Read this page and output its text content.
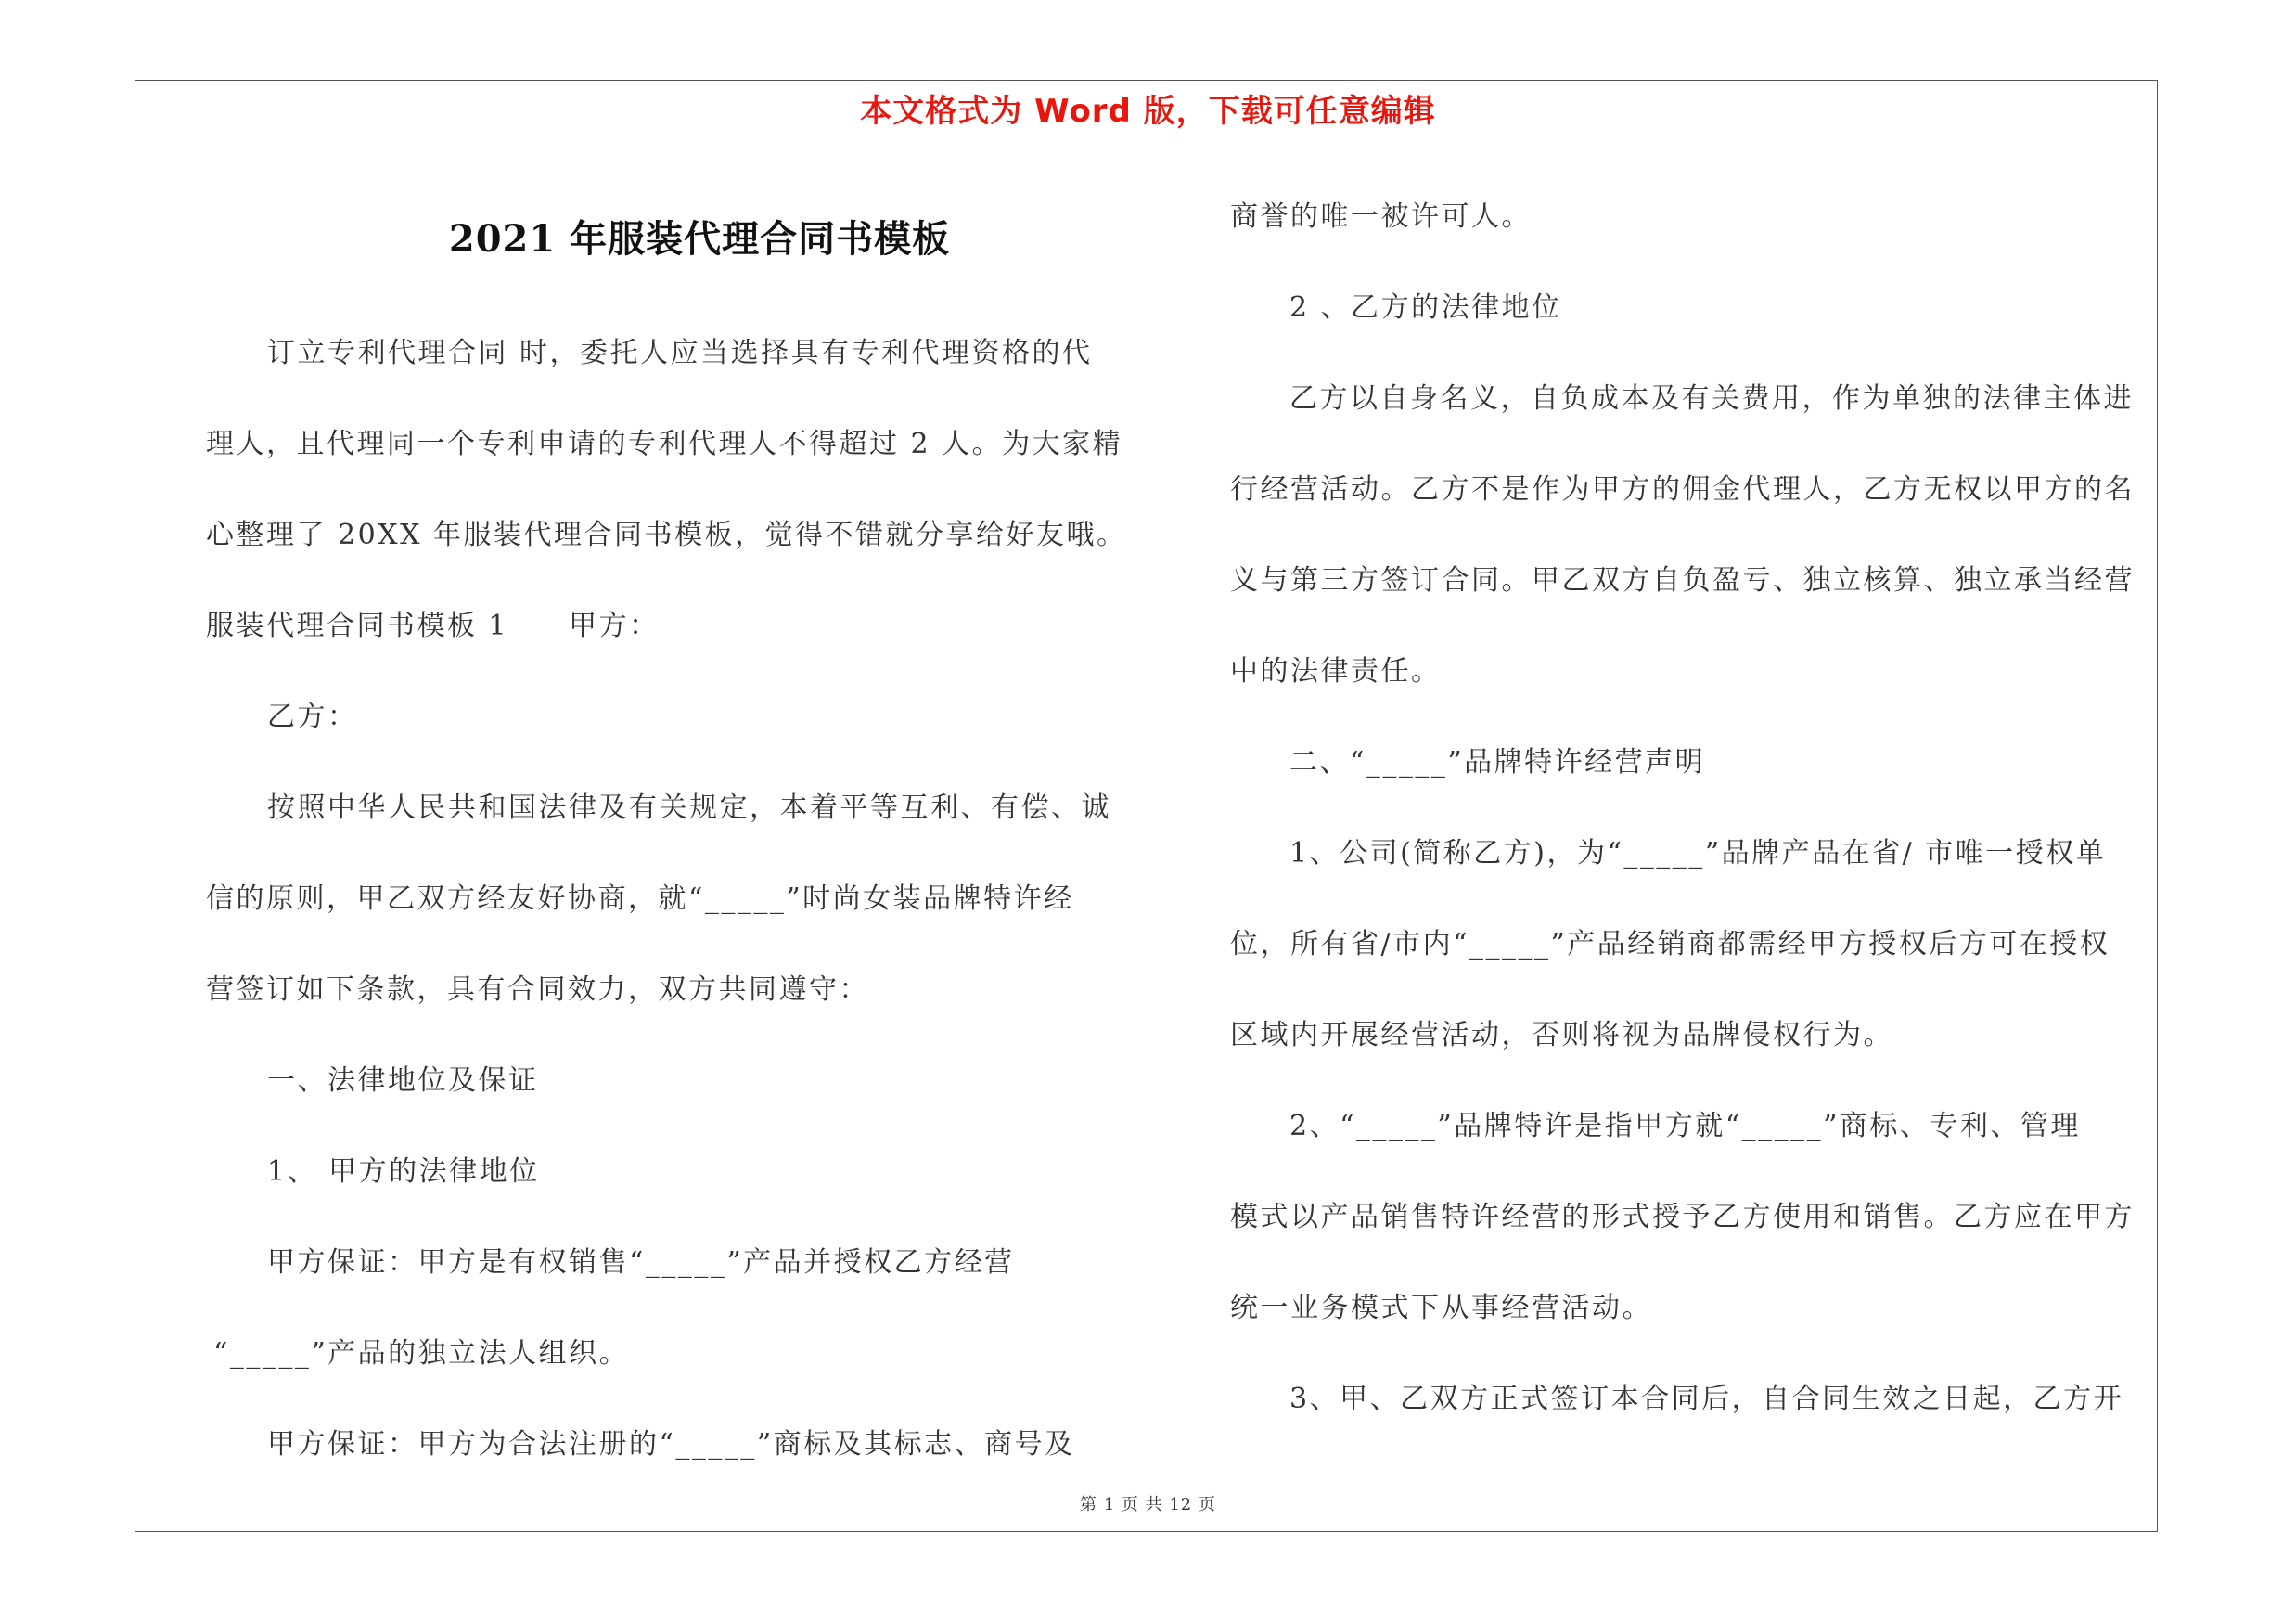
本文格式为 Word 版，下载可任意编辑
2021 年服装代理合同书模板
订立专利代理合同 时，委托人应当选择具有专利代理资格的代
理人，且代理同一个专利申请的专利代理人不得超过 2 人。为大家精
心整理了 20XX 年服装代理合同书模板，觉得不错就分享给好友哦。
服装代理合同书模板 1　　甲方：
乙方：
按照中华人民共和国法律及有关规定，本着平等互利、有偿、诚
信的原则，甲乙双方经友好协商，就“_____”时尚女装品牌特许经
营签订如下条款，具有合同效力，双方共同遵守：
一、法律地位及保证
1、 甲方的法律地位
甲方保证：甲方是有权销售“_____”产品并授权乙方经营
“_____”产品的独立法人组织。
甲方保证：甲方为合法注册的“_____”商标及其标志、商号及
商誉的唯一被许可人。
2 、乙方的法律地位
乙方以自身名义，自负成本及有关费用，作为单独的法律主体进
行经营活动。乙方不是作为甲方的佣金代理人，乙方无权以甲方的名
义与第三方签订合同。甲乙双方自负盈亏、独立核算、独立承当经营
中的法律责任。
二、“_____”品牌特许经营声明
1、公司(简称乙方)，为“_____”品牌产品在省/ 市唯一授权单
位，所有省/市内“_____”产品经销商都需经甲方授权后方可在授权
区域内开展经营活动，否则将视为品牌侵权行为。
2、“_____”品牌特许是指甲方就“_____”商标、专利、管理
模式以产品销售特许经营的形式授予乙方使用和销售。乙方应在甲方
统一业务模式下从事经营活动。
3、甲、乙双方正式签订本合同后，自合同生效之日起，乙方开
第 1 页 共 12 页
